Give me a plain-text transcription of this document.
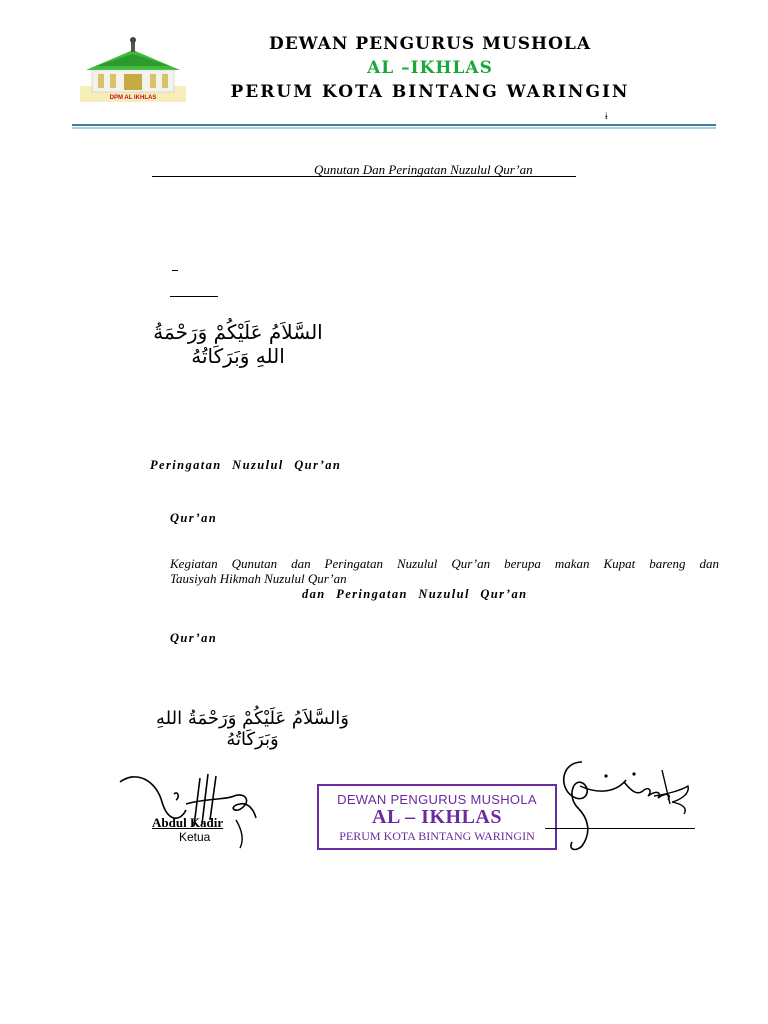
DPM AL IKHLAS
DEWAN PENGURUS MUSHOLA
AL –IKHLAS
PERUM KOTA BINTANG WARINGIN
ɨ
Qunutan Dan Peringatan Nuzulul Qur’an
السَّلاَمُ عَلَيْكُمْ وَرَحْمَةُ اللهِ وَبَرَكَاتُهُ
Peringatan Nuzulul Qur’an
Qur’an
Kegiatan Qunutan dan Peringatan Nuzulul Qur’an berupa makan Kupat bareng dan
Tausiyah Hikmah Nuzulul Qur’an
dan Peringatan Nuzulul Qur’an
Qur’an
وَالسَّلاَمُ عَلَيْكُمْ وَرَحْمَةُ اللهِ وَبَرَكَاتُهُ
Abdul Kadir
Ketua
DEWAN PENGURUS MUSHOLA
AL – IKHLAS
PERUM KOTA BINTANG WARINGIN
